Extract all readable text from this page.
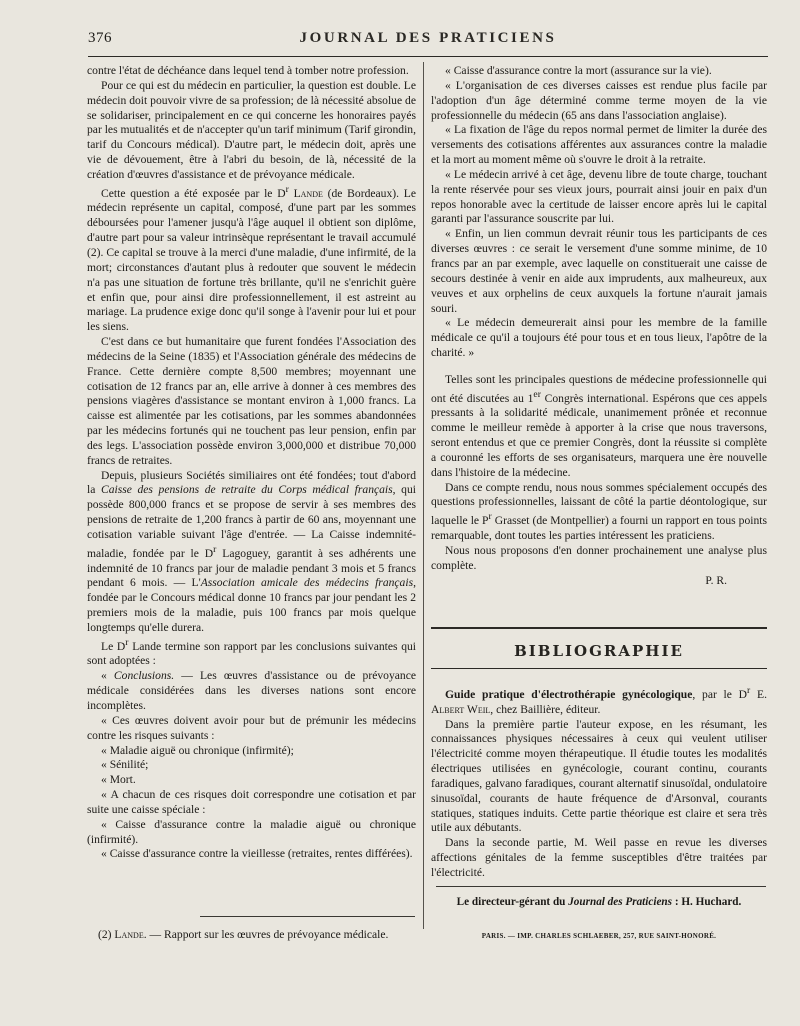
376	JOURNAL DES PRATICIENS

contre l'état de déchéance dans lequel tend à tomber notre profession.

Pour ce qui est du médecin en particulier, la question est double. Le médecin doit pouvoir vivre de sa profession; de là nécessité absolue de se solidariser, principalement en ce qui concerne les honoraires payés par les mutualités et de n'accepter qu'un tarif minimum (Tarif girondin, tarif du Concours médical). D'autre part, le médecin doit, après une vie de dévouement, être à l'abri du besoin, de là, nécessité de la création d'œuvres d'assistance et de prévoyance médicale.

Cette question a été exposée par le $D^r$ Lande (de Bordeaux). Le médecin représente un capital, composé, d'une part par les sommes déboursées pour l'amener jusqu'à l'âge auquel il obtient son diplôme, d'autre part pour sa valeur intrinsèque représentant le travail accumulé (2). Ce capital se trouve à la merci d'une maladie, d'une infirmité, de la mort; circonstances d'autant plus à redouter que souvent le médecin n'a pas une situation de fortune très brillante, qu'il ne s'enrichit guère et enfin que, pour ainsi dire professionnellement, il est astreint au mariage. La prudence exige donc qu'il songe à l'avenir pour lui et pour les siens.

C'est dans ce but humanitaire que furent fondées l'Association des médecins de la Seine (1835) et l'Association générale des médecins de France. Cette dernière compte 8,500 membres; moyennant une cotisation de 12 francs par an, elle arrive à donner à ces membres des pensions viagères d'assistance se montant environ à 1,000 francs. La caisse est alimentée par les cotisations, par les sommes abandonnées par les médecins fortunés qui ne touchent pas leur pension, enfin par des legs. L'association possède environ 3,000,000 et distribue 70,000 francs de retraites.

Depuis, plusieurs Sociétés similiaires ont été fondées; tout d'abord la Caisse des pensions de retraite du Corps médical français, qui possède 800,000 francs et se propose de servir à ses membres des pensions de retraite de 1,200 francs à partir de 60 ans, moyennant une cotisation variable suivant l'âge d'entrée. — La Caisse indemnité-maladie, fondée par le $D^r$ Lagoguey, garantit à ses adhérents une indemnité de 10 francs par jour de maladie pendant 3 mois et 5 francs pendant 6 mois. — L'Association amicale des médecins français, fondée par le Concours médical donne 10 francs par jour pendant les 2 premiers mois de la maladie, puis 100 francs par mois quelque longtemps qu'elle durera.

Le $D^r$ Lande termine son rapport par les conclusions suivantes qui sont adoptées :

« Conclusions. — Les œuvres d'assistance ou de prévoyance médicale considérées dans les diverses nations sont encore incomplètes.

« Ces œuvres doivent avoir pour but de prémunir les médecins contre les risques suivants :

« Maladie aiguë ou chronique (infirmité);

« Sénilité;

« Mort.

« A chacun de ces risques doit correspondre une cotisation et par suite une caisse spéciale :

« Caisse d'assurance contre la maladie aiguë ou chronique (infirmité).

« Caisse d'assurance contre la vieillesse (retraites, rentes différées).

(2) Lande. — Rapport sur les œuvres de prévoyance médicale.

« Caisse d'assurance contre la mort (assurance sur la vie).

« L'organisation de ces diverses caisses est rendue plus facile par l'adoption d'un âge déterminé comme terme moyen de la vie professionnelle du médecin (65 ans dans l'association anglaise).

« La fixation de l'âge du repos normal permet de limiter la durée des versements des cotisations afférentes aux assurances contre la maladie et la mort au moment même où s'ouvre le droit à la retraite.

« Le médecin arrivé à cet âge, devenu libre de toute charge, touchant la rente réservée pour ses vieux jours, pourrait ainsi jouir en paix d'un repos honorable avec la certitude de laisser encore après lui le capital garanti par l'assurance souscrite par lui.

« Enfin, un lien commun devrait réunir tous les participants de ces diverses œuvres : ce serait le versement d'une somme minime, de 10 francs par an par exemple, avec laquelle on constituerait une caisse de secours destinée à venir en aide aux imprudents, aux malheureux, aux veuves et aux orphelins de ceux auxquels la fortune n'aurait jamais souri.

« Le médecin demeurerait ainsi pour les membre de la famille médicale ce qu'il a toujours été pour tous et en tous lieux, l'apôtre de la charité. »

Telles sont les principales questions de médecine professionnelle qui ont été discutées au 1er Congrès international. Espérons que ces appels pressants à la solidarité médicale, unanimement prônée et reconnue comme le meilleur remède à apporter à la crise que nous traversons, seront entendus et que ce premier Congrès, dont la réussite si complète a couronné les efforts de ses organisateurs, marquera une ère nouvelle dans l'histoire de la médecine.

Dans ce compte rendu, nous nous sommes spécialement occupés des questions professionnelles, laissant de côté la partie déontologique, sur laquelle le $P^r$ Grasset (de Montpellier) a fourni un rapport en tous points remarquable, dont toutes les parties intéressent les praticiens.

Nous nous proposons d'en donner prochainement une analyse plus complète.

P. R.
BIBLIOGRAPHIE

Guide pratique d'électrothérapie gynécologique, par le $D^r$ E. Albert Weil, chez Baillière, éditeur.

Dans la première partie l'auteur expose, en les résumant, les connaissances physiques nécessaires à ceux qui veulent utiliser l'électricité comme moyen thérapeutique. Il étudie toutes les modalités électriques utilisées en gynécologie, courant continu, courants faradiques, galvano faradiques, courant alternatif sinusoïdal, ondulatoire sinusoïdal, courants de haute fréquence de d'Arsonval, courants statiques, statiques induits. Cette partie théorique est claire et sera très utile aux débutants.

Dans la seconde partie, M. Weil passe en revue les diverses affections génitales de la femme susceptibles d'être traitées par l'électricité.

Le directeur-gérant du Journal des Praticiens : H. Huchard.
PARIS. — IMP. CHARLES SCHLAEBER, 257, RUE SAINT-HONORÉ.
